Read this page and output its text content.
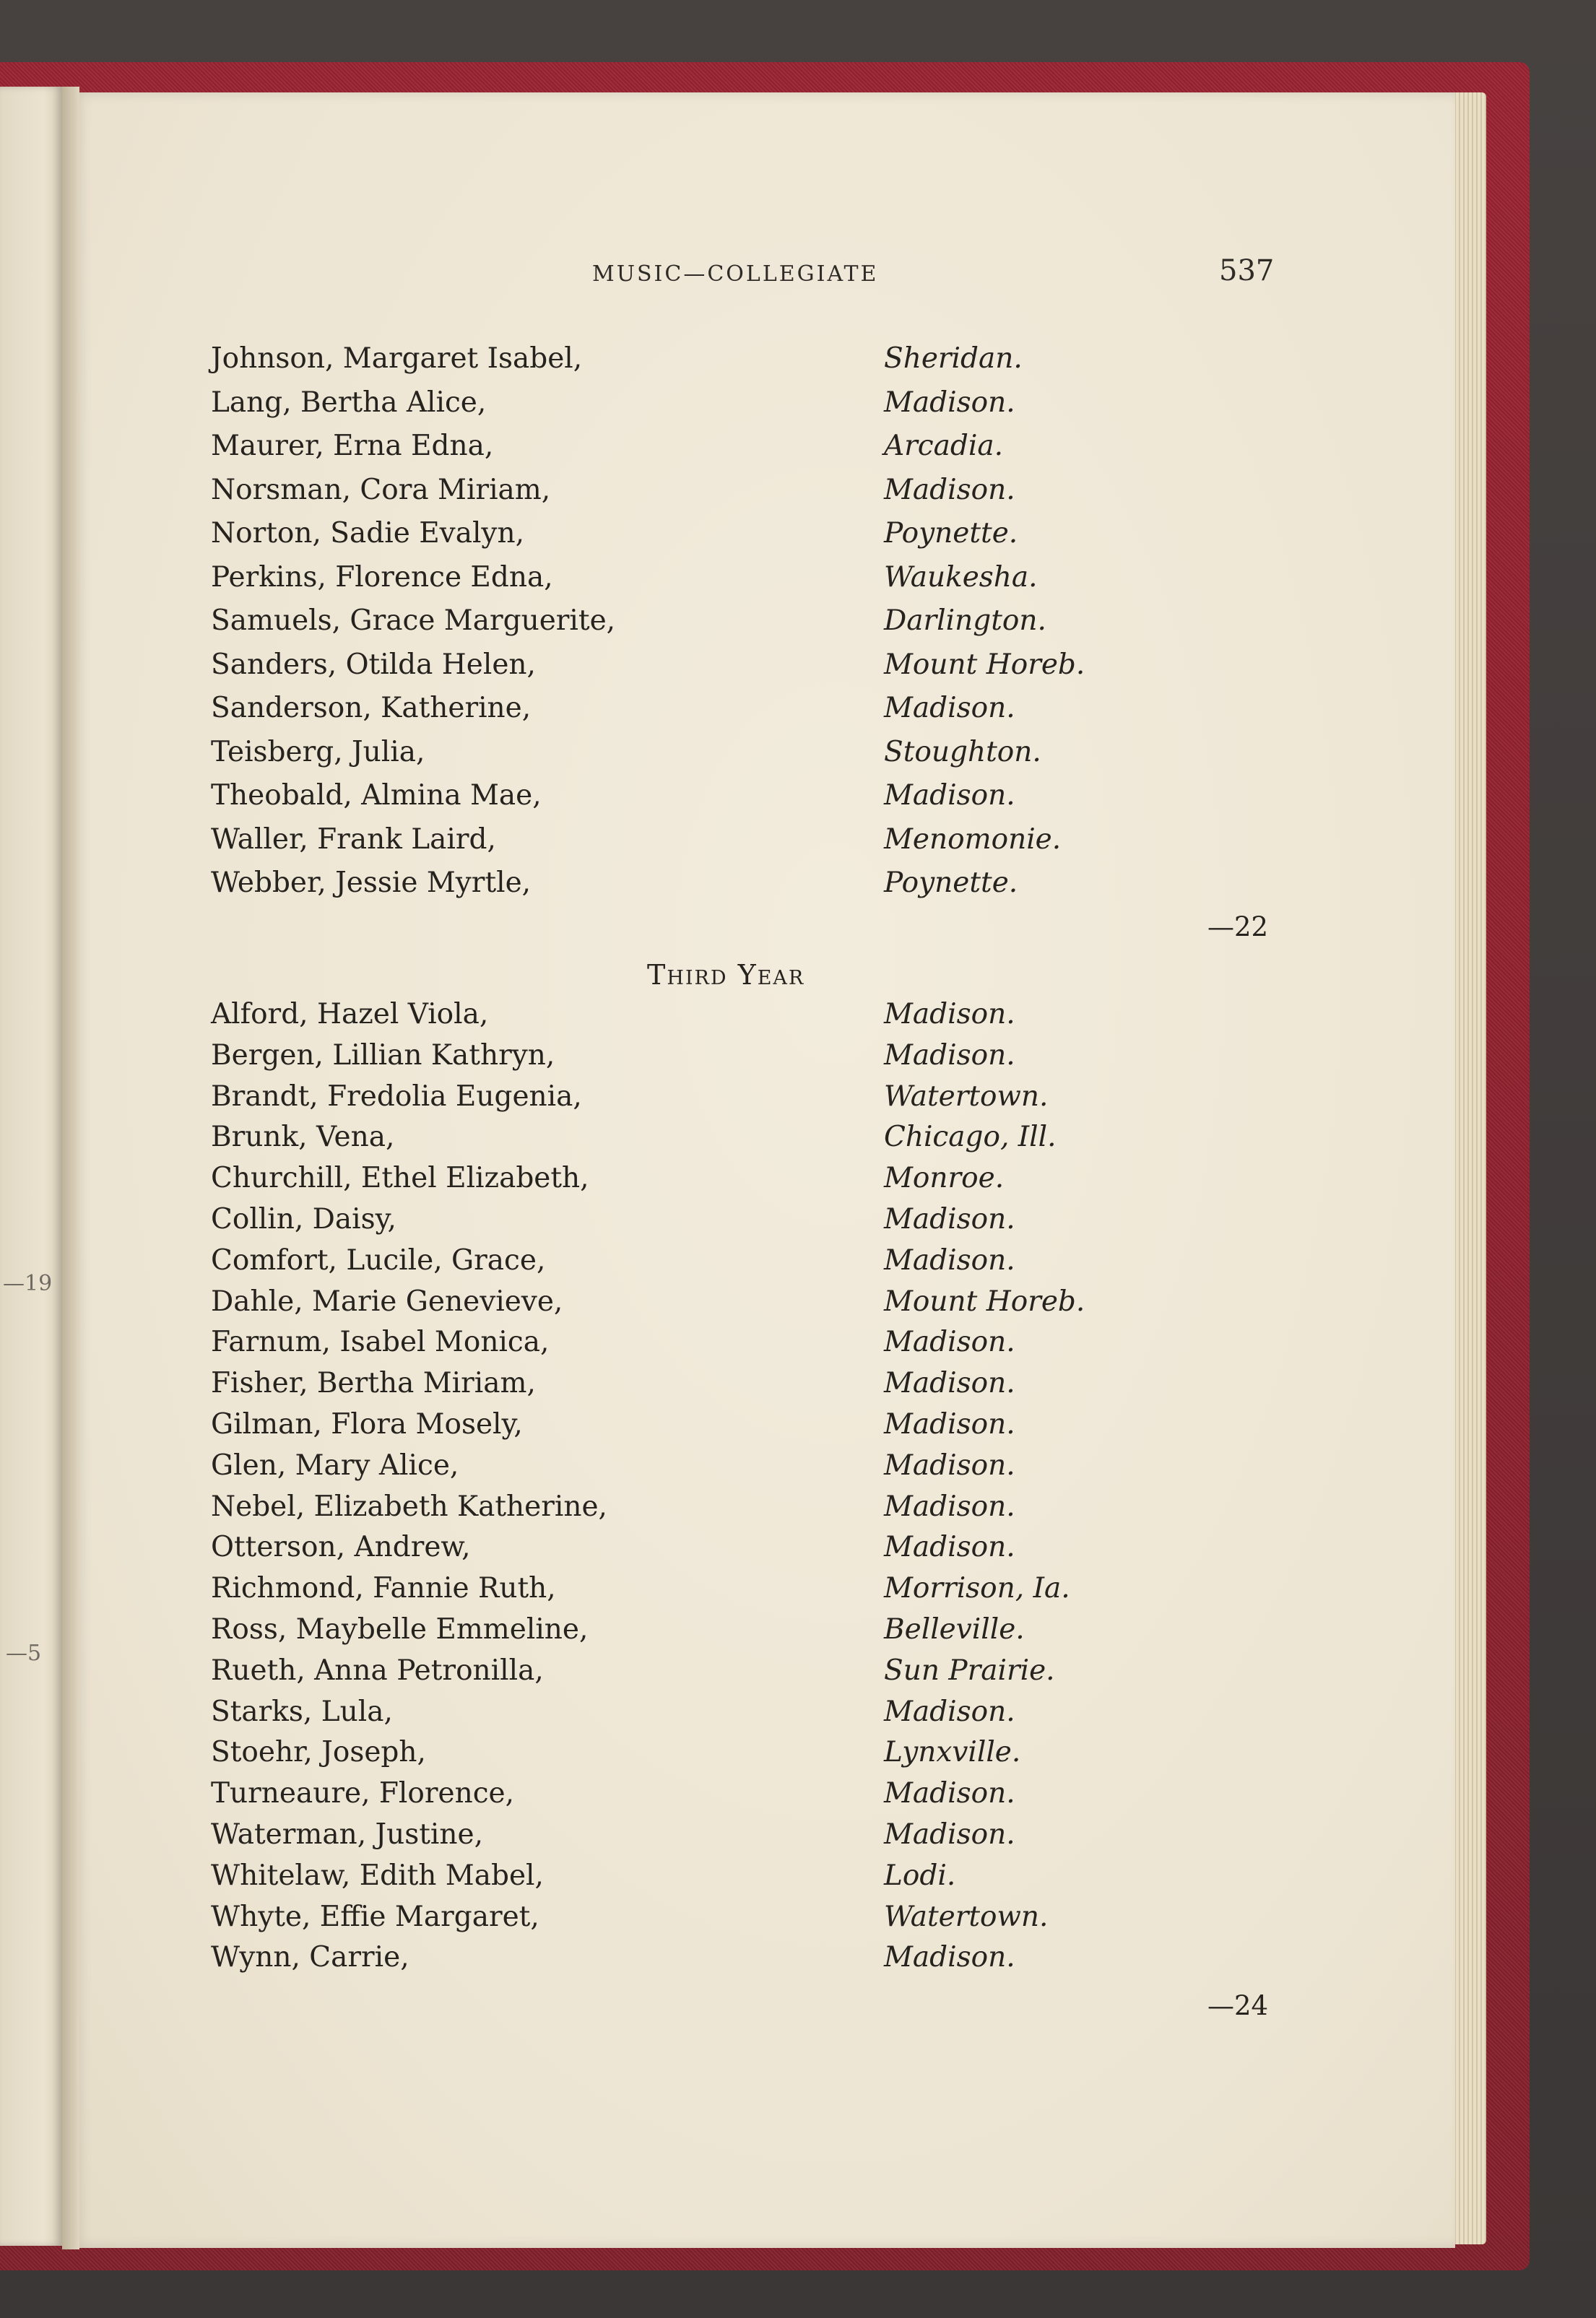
—19
—5
MUSIC—COLLEGIATE	537
Johnson, Margaret Isabel,	Sheridan.
Lang, Bertha Alice,	Madison.
Maurer, Erna Edna,	Arcadia.
Norsman, Cora Miriam,	Madison.
Norton, Sadie Evalyn,	Poynette.
Perkins, Florence Edna,	Waukesha.
Samuels, Grace Marguerite,	Darlington.
Sanders, Otilda Helen,	Mount Horeb.
Sanderson, Katherine,	Madison.
Teisberg, Julia,	Stoughton.
Theobald, Almina Mae,	Madison.
Waller, Frank Laird,	Menomonie.
Webber, Jessie Myrtle,	Poynette.
—22
Third Year
Alford, Hazel Viola,	Madison.
Bergen, Lillian Kathryn,	Madison.
Brandt, Fredolia Eugenia,	Watertown.
Brunk, Vena,	Chicago, Ill.
Churchill, Ethel Elizabeth,	Monroe.
Collin, Daisy,	Madison.
Comfort, Lucile, Grace,	Madison.
Dahle, Marie Genevieve,	Mount Horeb.
Farnum, Isabel Monica,	Madison.
Fisher, Bertha Miriam,	Madison.
Gilman, Flora Mosely,	Madison.
Glen, Mary Alice,	Madison.
Nebel, Elizabeth Katherine,	Madison.
Otterson, Andrew,	Madison.
Richmond, Fannie Ruth,	Morrison, Ia.
Ross, Maybelle Emmeline,	Belleville.
Rueth, Anna Petronilla,	Sun Prairie.
Starks, Lula,	Madison.
Stoehr, Joseph,	Lynxville.
Turneaure, Florence,	Madison.
Waterman, Justine,	Madison.
Whitelaw, Edith Mabel,	Lodi.
Whyte, Effie Margaret,	Watertown.
Wynn, Carrie,	Madison.
—24
